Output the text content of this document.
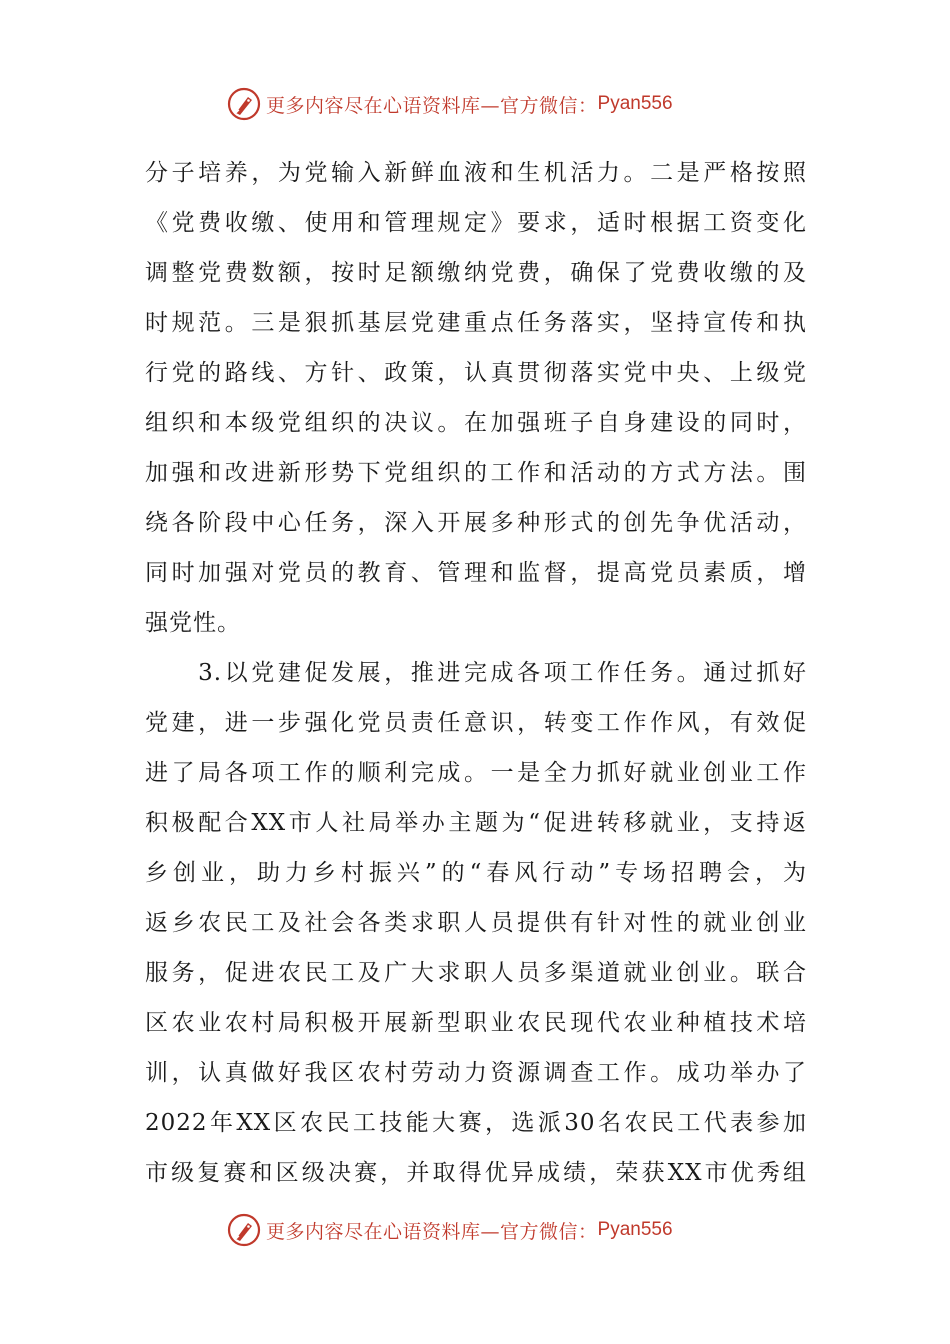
更多内容尽在心语资料库—官方微信： Pyan556
分子培养，为党输入新鲜血液和生机活力。二是严格按照
《党费收缴、使用和管理规定》要求，适时根据工资变化
调整党费数额，按时足额缴纳党费，确保了党费收缴的及
时规范。三是狠抓基层党建重点任务落实，坚持宣传和执
行党的路线、方针、政策，认真贯彻落实党中央、上级党
组织和本级党组织的决议。在加强班子自身建设的同时，
加强和改进新形势下党组织的工作和活动的方式方法。围
绕各阶段中心任务，深入开展多种形式的创先争优活动，
同时加强对党员的教育、管理和监督，提高党员素质，增
强党性。
　　3.以党建促发展，推进完成各项工作任务。通过抓好
党建，进一步强化党员责任意识，转变工作作风，有效促
进了局各项工作的顺利完成。一是全力抓好就业创业工作
积极配合XX市人社局举办主题为“促进转移就业，支持返
乡创业，助力乡村振兴”的“春风行动”专场招聘会，为
返乡农民工及社会各类求职人员提供有针对性的就业创业
服务，促进农民工及广大求职人员多渠道就业创业。联合
区农业农村局积极开展新型职业农民现代农业种植技术培
训，认真做好我区农村劳动力资源调查工作。成功举办了
2022年XX区农民工技能大赛，选派30名农民工代表参加
市级复赛和区级决赛，并取得优异成绩，荣获XX市优秀组
更多内容尽在心语资料库—官方微信： Pyan556
